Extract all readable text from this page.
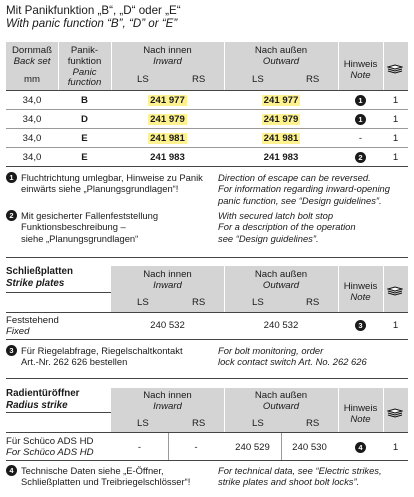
Mit Panikfunktion „B“, „D“ oder „E“
With panic function “B”, “D” or “E”
Dornmaß
Back set
mm
Panik-
funktion
Panic
function
Nach innen
Inward
LS	RS
Nach außen
Outward
LS	RS
Hinweis
Note
34,0	B	241 977	241 977	1	1
34,0	D	241 979	241 979	1	1
34,0	E	241 981	241 981	-	1
34,0	E	241 983	241 983	2	1
1 Fluchtrichtung umlegbar, Hinweise zu Panik
einwärts siehe „Planungsgrundlagen“!
Direction of escape can be reversed.
For information regarding inward-opening
panic function, see “Design guidelines”.
2 Mit gesicherter Fallenfeststellung
Funktionsbeschreibung –
siehe „Planungsgrundlagen“
With secured latch bolt stop
For a description of the operation
see “Design guidelines”.
Schließplatten
Strike plates
Nach innen
Inward
LS	RS
Nach außen
Outward
LS	RS
Hinweis
Note
Feststehend
Fixed
240 532	240 532	3	1
3 Für Riegelabfrage, Riegelschaltkontakt
Art.-Nr. 262 626 bestellen
For bolt monitoring, order
lock contact switch Art. No. 262 626
Radientüröffner
Radius strike
Nach innen
Inward
LS	RS
Nach außen
Outward
LS	RS
Hinweis
Note
Für Schüco ADS HD
For Schüco ADS HD	-	-	240 529	240 530	4	1
4 Technische Daten siehe „E-Öffner,
Schließplatten und Treibriegelschlösser“!
For technical data, see “Electric strikes,
strike plates and shoot bolt locks”.
